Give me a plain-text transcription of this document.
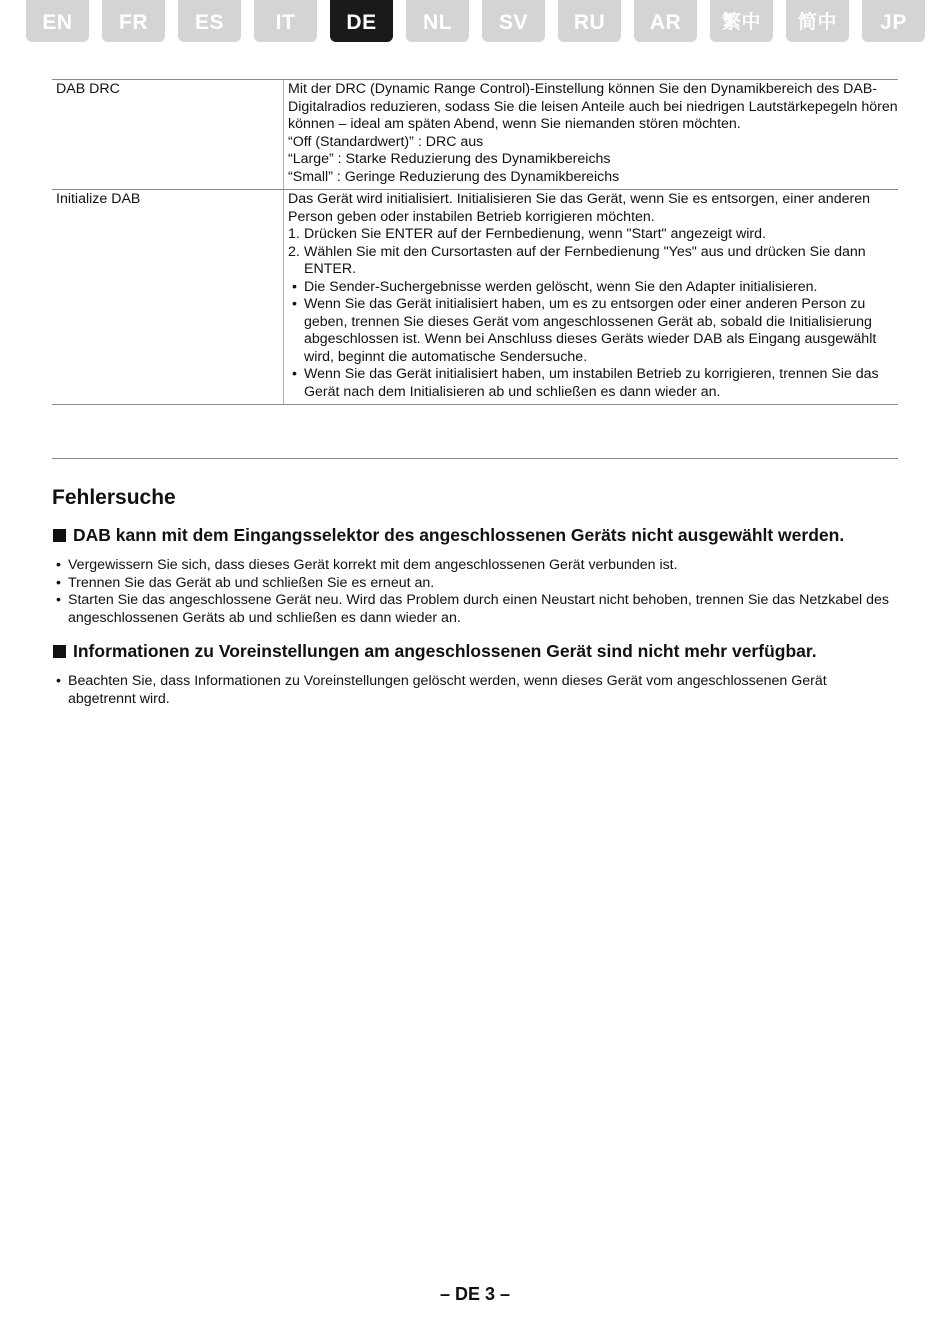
EN	FR	ES	IT	DE	NL	SV	RU	AR	繁中	简中	JP
DAB DRC	Mit der DRC (Dynamic Range Control)-Einstellung können Sie den Dynamikbereich des DAB-Digitalradios reduzieren, sodass Sie die leisen Anteile auch bei niedrigen Lautstärkepegeln hören können – ideal am späten Abend, wenn Sie niemanden stören möchten.

“Off (Standardwert)” : DRC aus

“Large” : Starke Reduzierung des Dynamikbereichs

“Small” : Geringe Reduzierung des Dynamikbereichs

Initialize DAB	Das Gerät wird initialisiert. Initialisieren Sie das Gerät, wenn Sie es entsorgen, einer anderen Person geben oder instabilen Betrieb korrigieren möchten.

1. Drücken Sie ENTER auf der Fernbedienung, wenn "Start" angezeigt wird.

2. Wählen Sie mit den Cursortasten auf der Fernbedienung "Yes" aus und drücken Sie dann ENTER.

• Die Sender-Suchergebnisse werden gelöscht, wenn Sie den Adapter initialisieren.

• Wenn Sie das Gerät initialisiert haben, um es zu entsorgen oder einer anderen Person zu geben, trennen Sie dieses Gerät vom angeschlossenen Gerät ab, sobald die Initialisierung abgeschlossen ist. Wenn bei Anschluss dieses Geräts wieder DAB als Eingang ausgewählt wird, beginnt die automatische Sendersuche.

• Wenn Sie das Gerät initialisiert haben, um instabilen Betrieb zu korrigieren, trennen Sie das Gerät nach dem Initialisieren ab und schließen es dann wieder an.

Fehlersuche
DAB kann mit dem Eingangsselektor des angeschlossenen Geräts nicht ausgewählt werden.
• Vergewissern Sie sich, dass dieses Gerät korrekt mit dem angeschlossenen Gerät verbunden ist.
• Trennen Sie das Gerät ab und schließen Sie es erneut an.
• Starten Sie das angeschlossene Gerät neu. Wird das Problem durch einen Neustart nicht behoben, trennen Sie das Netzkabel des angeschlossenen Geräts ab und schließen es dann wieder an.
Informationen zu Voreinstellungen am angeschlossenen Gerät sind nicht mehr verfügbar.
• Beachten Sie, dass Informationen zu Voreinstellungen gelöscht werden, wenn dieses Gerät vom angeschlossenen Gerät abgetrennt wird.
– DE 3 –
